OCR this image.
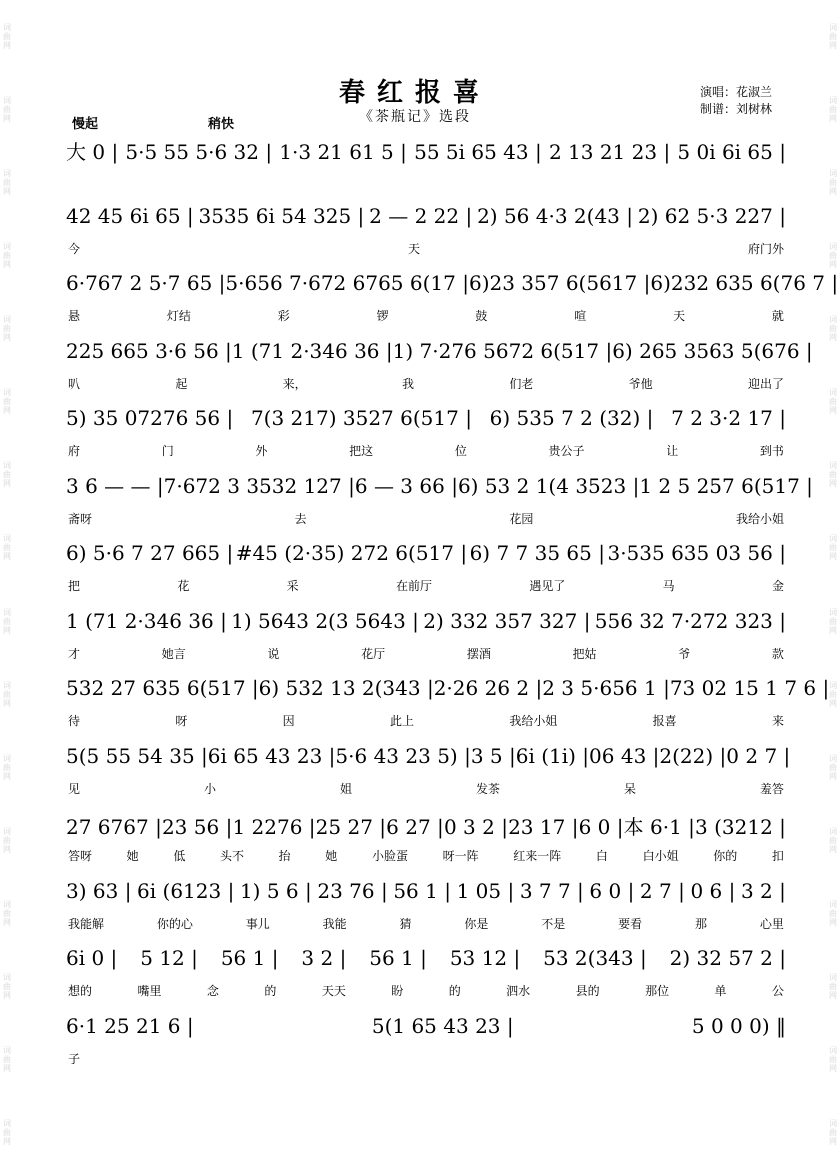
词
曲
网
词
曲
网
词
曲
网
词
曲
网
词
曲
网
词
曲
网
词
曲
网
词
曲
网
词
曲
网
词
曲
网
词
曲
网
词
曲
网
词
曲
网
词
曲
网
词
曲
网
词
曲
网
词
曲
网
词
曲
网
词
曲
网
词
曲
网
词
曲
网
词
曲
网
词
曲
网
词
曲
网
词
曲
网
词
曲
网
词
曲
网
词
曲
网
词
曲
网
词
曲
网
词
曲
网
词
曲
网
春红报喜
《茶瓶记》选段
演唱：花淑兰
制谱：刘树林
慢起	稍快
大 0 | 5·5 55 5·6 32 | 1·3 21 61 5 | 55 5i 65 43 | 2 13 21 23 | 5 0i 6i 65 |
42 45 6i 65 | 3535 6i 54 325 | 2 — 2 22 | 2) 56 4·3 2(43 | 2) 62 5·3 227 |
今	天	府门外
6·767 2 5·7 65 | 5·656 7·672 6765 6(17 | 6)23 357 6(5617 | 6)232 635 6(76 7 |
悬	灯结	彩	锣	鼓	喧	天	就
225 665 3·6 56 | 1 (71 2·346 36 | 1) 7·276 5672 6(517 | 6) 265 3563 5(676 |
叭	起	来，	我	们老	爷他	迎出了
5) 35 07276 56 | 7(3 217) 3527 6(517 | 6) 535 7 2 (32) | 7 2 3·2 17 |
府	门	外	把这	位	贵公子	让	到书
3 6 — — | 7·672 3 3532 127 | 6 — 3 66 | 6) 53 2 1(4 3523 | 1 2 5 257 6(517 |
斋呀	去	花园	我给小姐
6) 5·6 7 27 665 | #45 (2·35) 272 6(517 | 6) 7 7 35 65 | 3·535 635 03 56 |
把	花	采	在前厅	遇见了	马	金
1 (71 2·346 36 | 1) 5643 2(3 5643 | 2) 332 357 327 | 556 32 7·272 323 |
才	她言	说	花厅	摆酒	把姑	爷	款
532 27 635 6(517 | 6) 532 13 2(343 | 2·26 26 2 | 2 3 5·656 1 | 73 02 15 1 7 6 |
待	呀	因	此上	我给小姐	报喜	来
5(5 55 54 35 | 6i 65 43 23 | 5·6 43 23 5) | 3 5 | 6i (1i) | 06 43 | 2(22) | 0 2 7 |
见	小	姐	发茶	呆	羞答
27 6767 | 23 56 | 1 2276 | 25 27 | 6 27 | 0 3 2 | 23 17 | 6 0 | 本 6·1 | 3 (3212 |
答呀	她	低	头不	抬	她	小脸蛋	呀一阵	红来一阵	白	白小姐	你的	扣
3) 63 | 6i (6123 | 1) 5 6 | 23 76 | 56 1 | 1 05 | 3 7 7 | 6 0 | 2 7 | 0 6 | 3 2 |
我能解	你的心	事儿	我能	猜	你是	不是	要看	那	心里
6i 0 | 5 12 | 56 1 | 3 2 | 56 1 | 53 12 | 53 2(343 | 2) 32 57 2 |
想的	嘴里	念	的	天天	盼	的	泗水	县的	那位	单	公
6·1 25 21 6 |	5(1 65 43 23 |	5 0 0 0) ‖
子
